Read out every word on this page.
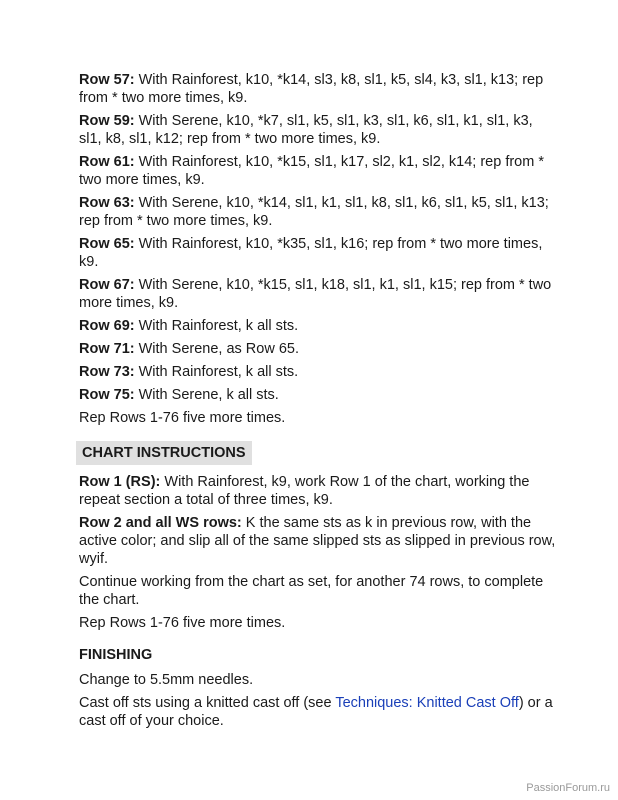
Row 57: With Rainforest, k10, *k14, sl3, k8, sl1, k5, sl4, k3, sl1, k13; rep from * two more times, k9.

Row 59: With Serene, k10, *k7, sl1, k5, sl1, k3, sl1, k6, sl1, k1, sl1, k3, sl1, k8, sl1, k12; rep from * two more times, k9.

Row 61: With Rainforest, k10, *k15, sl1, k17, sl2, k1, sl2, k14; rep from * two more times, k9.

Row 63: With Serene, k10, *k14, sl1, k1, sl1, k8, sl1, k6, sl1, k5, sl1, k13; rep from * two more times, k9.

Row 65: With Rainforest, k10, *k35, sl1, k16; rep from * two more times, k9.

Row 67: With Serene, k10, *k15, sl1, k18, sl1, k1, sl1, k15; rep from * two more times, k9.

Row 69: With Rainforest, k all sts.

Row 71: With Serene, as Row 65.

Row 73: With Rainforest, k all sts.

Row 75: With Serene, k all sts.

Rep Rows 1-76 five more times.

CHART INSTRUCTIONS

Row 1 (RS): With Rainforest, k9, work Row 1 of the chart, working the repeat section a total of three times, k9.

Row 2 and all WS rows: K the same sts as k in previous row, with the active color; and slip all of the same slipped sts as slipped in previous row, wyif.

Continue working from the chart as set, for another 74 rows, to complete the chart.

Rep Rows 1-76 five more times.

FINISHING

Change to 5.5mm needles.

Cast off sts using a knitted cast off (see Techniques: Knitted Cast Off) or a cast off of your choice.

PassionForum.ru
